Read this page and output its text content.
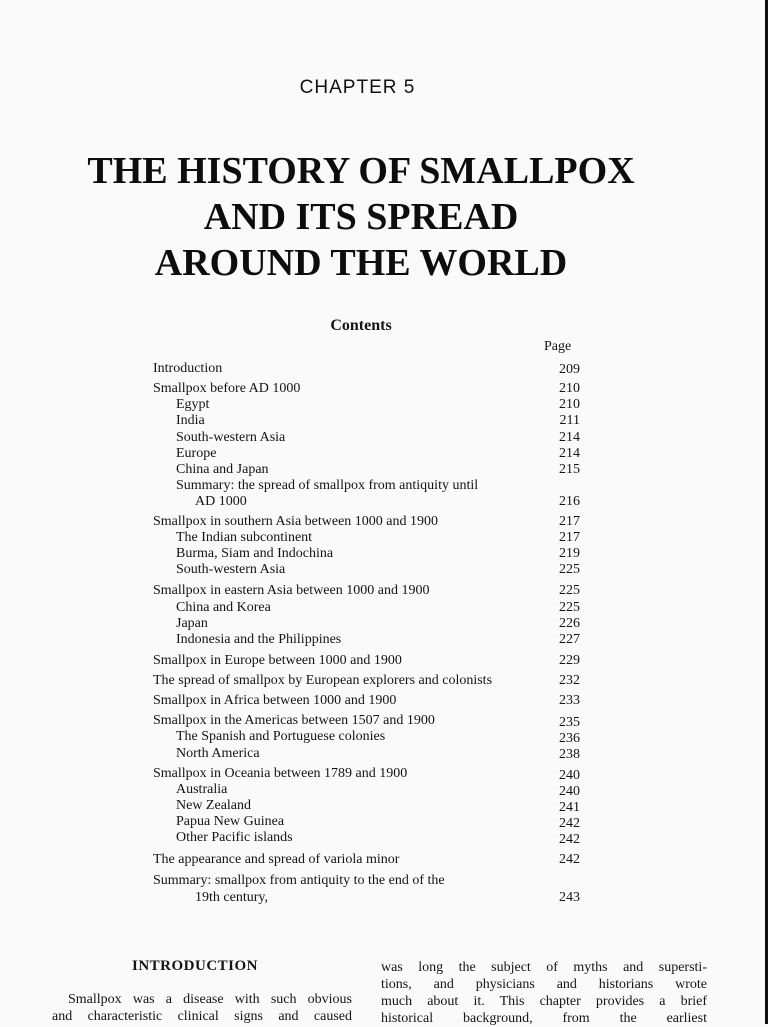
CHAPTER 5
THE HISTORY OF SMALLPOX
AND ITS SPREAD
AROUND THE WORLD
Contents
Page
Introduction	209
Smallpox before AD 1000	210
Egypt	210
India	211
South-western Asia	214
Europe	214
China and Japan	215
Summary: the spread of smallpox from antiquity until
AD 1000	216
Smallpox in southern Asia between 1000 and 1900	217
The Indian subcontinent	217
Burma, Siam and Indochina	219
South-western Asia	225
Smallpox in eastern Asia between 1000 and 1900	225
China and Korea	225
Japan	226
Indonesia and the Philippines	227
Smallpox in Europe between 1000 and 1900	229
The spread of smallpox by European explorers and colonists	232
Smallpox in Africa between 1000 and 1900	233
Smallpox in the Americas between 1507 and 1900	235
The Spanish and Portuguese colonies	236
North America	238
Smallpox in Oceania between 1789 and 1900	240
Australia	240
New Zealand	241
Papua New Guinea	242
Other Pacific islands	242
The appearance and spread of variola minor	242
Summary: smallpox from antiquity to the end of the
19th century,	243
INTRODUCTION

Smallpox was a disease with such obvious

and characteristic clinical signs and caused

was long the subject of myths and supersti-

tions, and physicians and historians wrote

much about it. This chapter provides a brief

historical background, from the earliest
